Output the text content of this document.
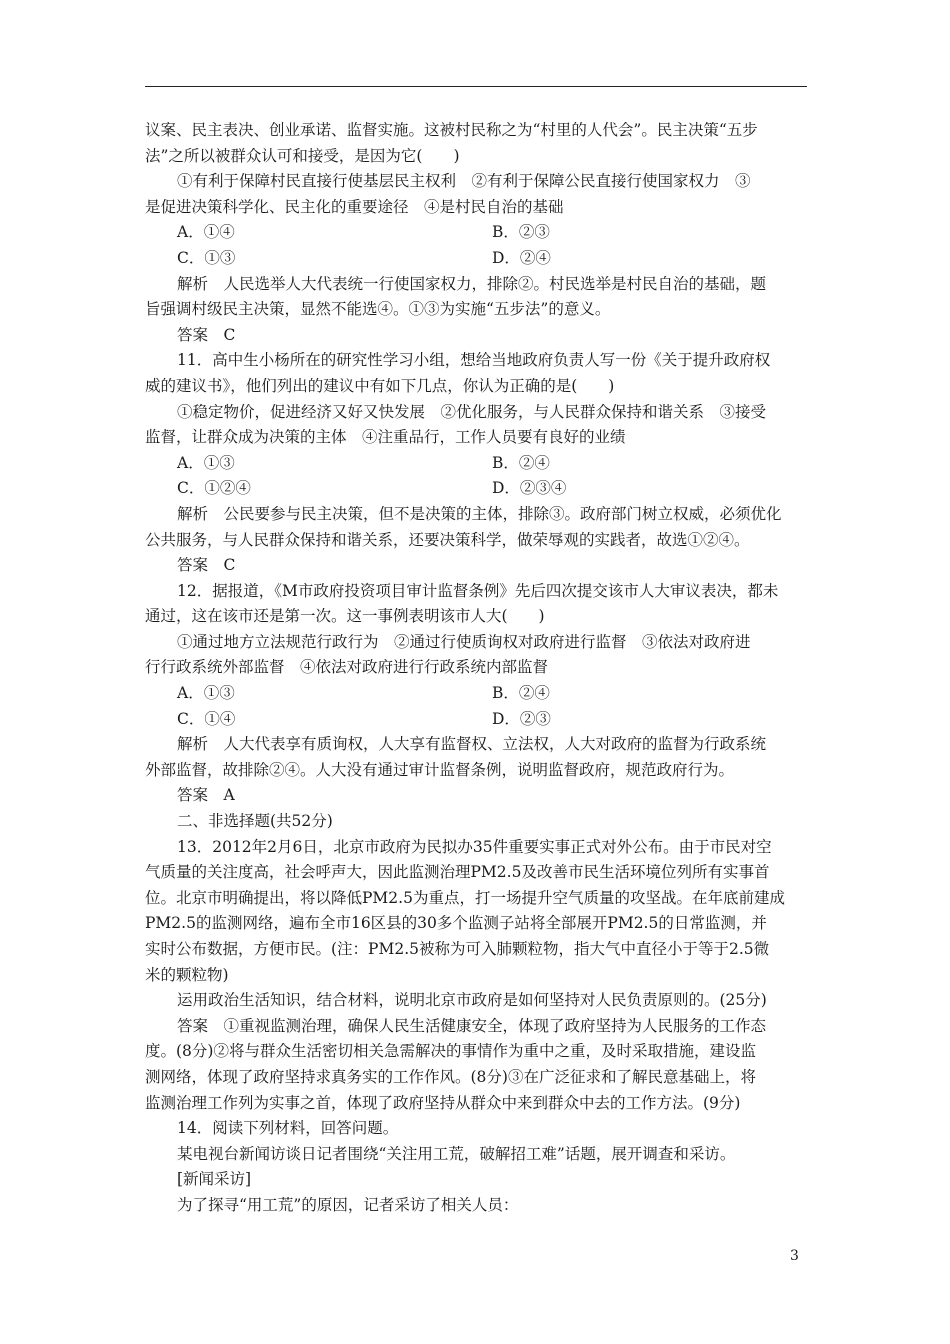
议案、民主表决、创业承诺、监督实施。这被村民称之为“村里的人代会”。民主决策“五步
法”之所以被群众认可和接受，是因为它(　　)
①有利于保障村民直接行使基层民主权利　②有利于保障公民直接行使国家权力　③
是促进决策科学化、民主化的重要途径　④是村民自治的基础
A．①④	B．②③
C．①③	D．②④
解析　人民选举人大代表统一行使国家权力，排除②。村民选举是村民自治的基础，题
旨强调村级民主决策，显然不能选④。①③为实施“五步法”的意义。
答案　C
11．高中生小杨所在的研究性学习小组，想给当地政府负责人写一份《关于提升政府权
威的建议书》，他们列出的建议中有如下几点，你认为正确的是(　　)
①稳定物价，促进经济又好又快发展　②优化服务，与人民群众保持和谐关系　③接受
监督，让群众成为决策的主体　④注重品行，工作人员要有良好的业绩
A．①③	B．②④
C．①②④	D．②③④
解析　公民要参与民主决策，但不是决策的主体，排除③。政府部门树立权威，必须优化
公共服务，与人民群众保持和谐关系，还要决策科学，做荣辱观的实践者，故选①②④。
答案　C
12．据报道，《M市政府投资项目审计监督条例》先后四次提交该市人大审议表决，都未
通过，这在该市还是第一次。这一事例表明该市人大(　　)
①通过地方立法规范行政行为　②通过行使质询权对政府进行监督　③依法对政府进
行行政系统外部监督　④依法对政府进行行政系统内部监督
A．①③	B．②④
C．①④	D．②③
解析　人大代表享有质询权，人大享有监督权、立法权，人大对政府的监督为行政系统
外部监督，故排除②④。人大没有通过审计监督条例，说明监督政府，规范政府行为。
答案　A
二、非选择题(共52分)
13．2012年2月6日，北京市政府为民拟办35件重要实事正式对外公布。由于市民对空
气质量的关注度高，社会呼声大，因此监测治理PM2.5及改善市民生活环境位列所有实事首
位。北京市明确提出，将以降低PM2.5为重点，打一场提升空气质量的攻坚战。在年底前建成
PM2.5的监测网络，遍布全市16区县的30多个监测子站将全部展开PM2.5的日常监测，并
实时公布数据，方便市民。(注：PM2.5被称为可入肺颗粒物，指大气中直径小于等于2.5微
米的颗粒物)
运用政治生活知识，结合材料，说明北京市政府是如何坚持对人民负责原则的。(25分)
答案　①重视监测治理，确保人民生活健康安全，体现了政府坚持为人民服务的工作态
度。(8分)②将与群众生活密切相关急需解决的事情作为重中之重，及时采取措施，建设监
测网络，体现了政府坚持求真务实的工作作风。(8分)③在广泛征求和了解民意基础上，将
监测治理工作列为实事之首，体现了政府坚持从群众中来到群众中去的工作方法。(9分)
14．阅读下列材料，回答问题。
某电视台新闻访谈日记者围绕“关注用工荒，破解招工难”话题，展开调查和采访。
[新闻采访]
为了探寻“用工荒”的原因，记者采访了相关人员：
3
